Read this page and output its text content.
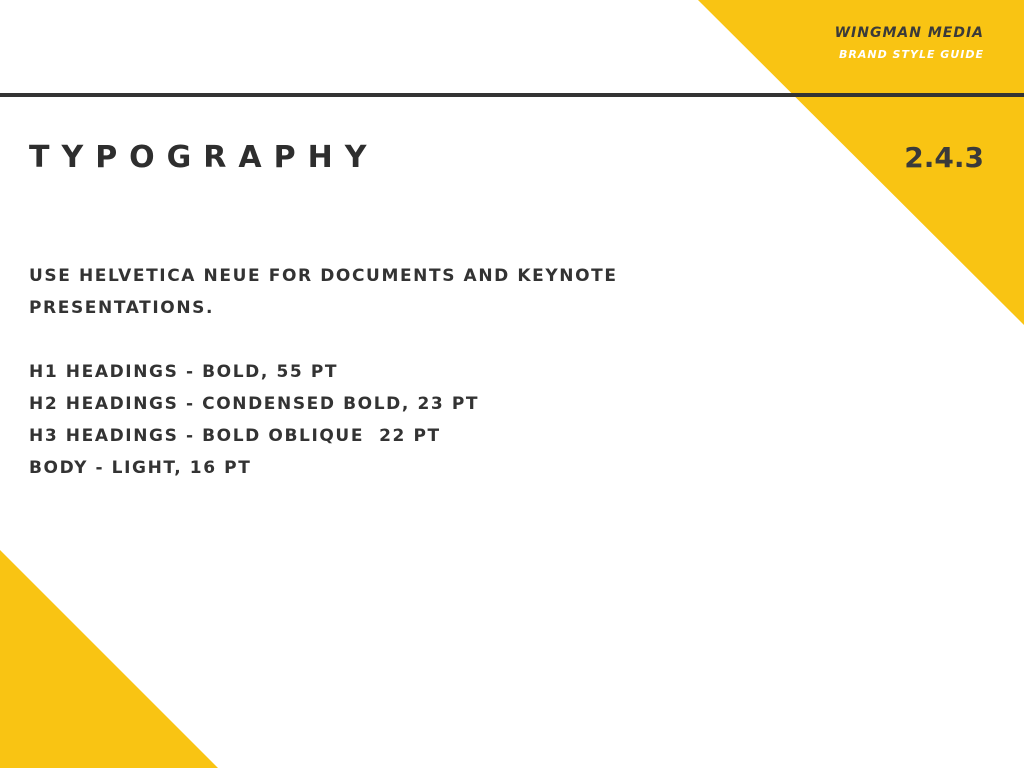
WINGMAN MEDIA
BRAND STYLE GUIDE
TYPOGRAPHY	2.4.3
USE HELVETICA NEUE FOR DOCUMENTS AND KEYNOTE PRESENTATIONS.
H1 HEADINGS - BOLD, 55 PT
H2 HEADINGS - CONDENSED BOLD, 23 PT
H3 HEADINGS - BOLD OBLIQUE  22 PT
BODY - LIGHT, 16 PT
